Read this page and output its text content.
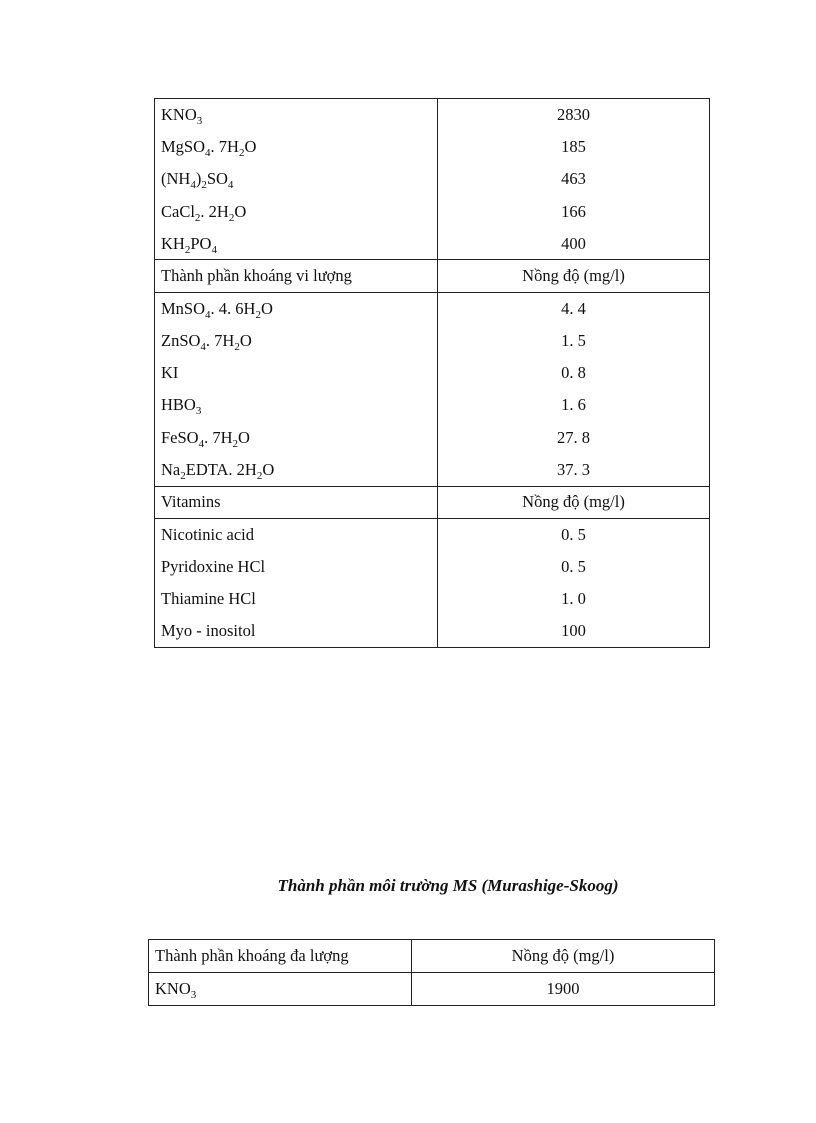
$KNO_3$	2830
MgSO$_4$. $7H_2O$	185
$(NH_4)_2SO_4$	463
CaCl$_2$. $2H_2O$	166
$KH_2PO_4$	400
Thành phần khoáng vi lượng	Nồng độ (mg/l)
MnSO$_4$. 4. $6H_2O$	4. 4
ZnSO$_4$. $7H_2O$	1. 5
KI	0. 8
$HBO_3$	1. 6
FeSO$_4$. $7H_2O$	27. 8
$Na_2EDTA$. $2H_2O$	37. 3
Vitamins	Nồng độ (mg/l)
Nicotinic acid	0. 5
Pyridoxine HCl	0. 5
Thiamine HCl	1. 0
Myo - inositol	100
Thành phần môi trường MS (Murashige-Skoog)
Thành phần khoáng đa lượng	Nồng độ (mg/l)
$KNO_3$	1900
